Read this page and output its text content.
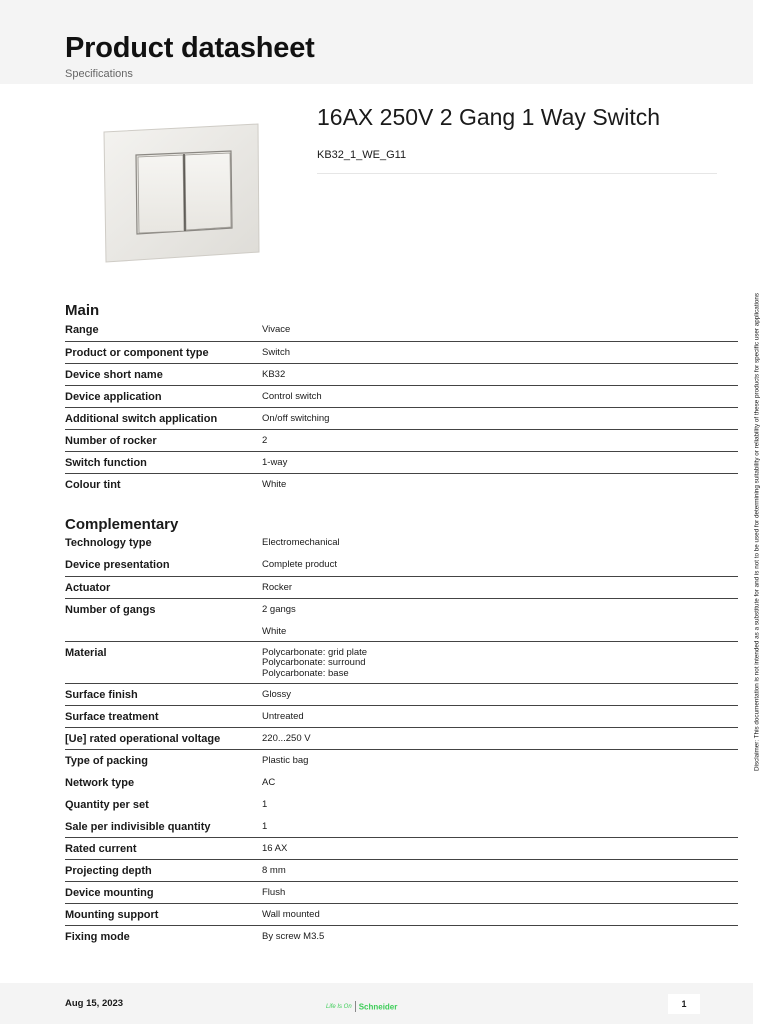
Product datasheet
Specifications
16AX 250V 2 Gang 1 Way Switch
KB32_1_WE_G11
Main
Range	Vivace
Product or component type	Switch
Device short name	KB32
Device application	Control switch
Additional switch application	On/off switching
Number of rocker	2
Switch function	1-way
Colour tint	White
Complementary
Technology type	Electromechanical
Device presentation	Complete product
Actuator	Rocker
Number of gangs	2 gangs
White
Material	Polycarbonate: grid plate
Polycarbonate: surround
Polycarbonate: base
Surface finish	Glossy
Surface treatment	Untreated
[Ue] rated operational voltage	220...250 V
Type of packing	Plastic bag
Network type	AC
Quantity per set	1
Sale per indivisible quantity	1
Rated current	16 AX
Projecting depth	8 mm
Device mounting	Flush
Mounting support	Wall mounted
Fixing mode	By screw M3.5
Disclaimer: This documentation is not intended as a substitute for and is not to be used for determining suitability or reliability of these products for specific user applications
Aug 15, 2023	Life Is On Schneider	1
